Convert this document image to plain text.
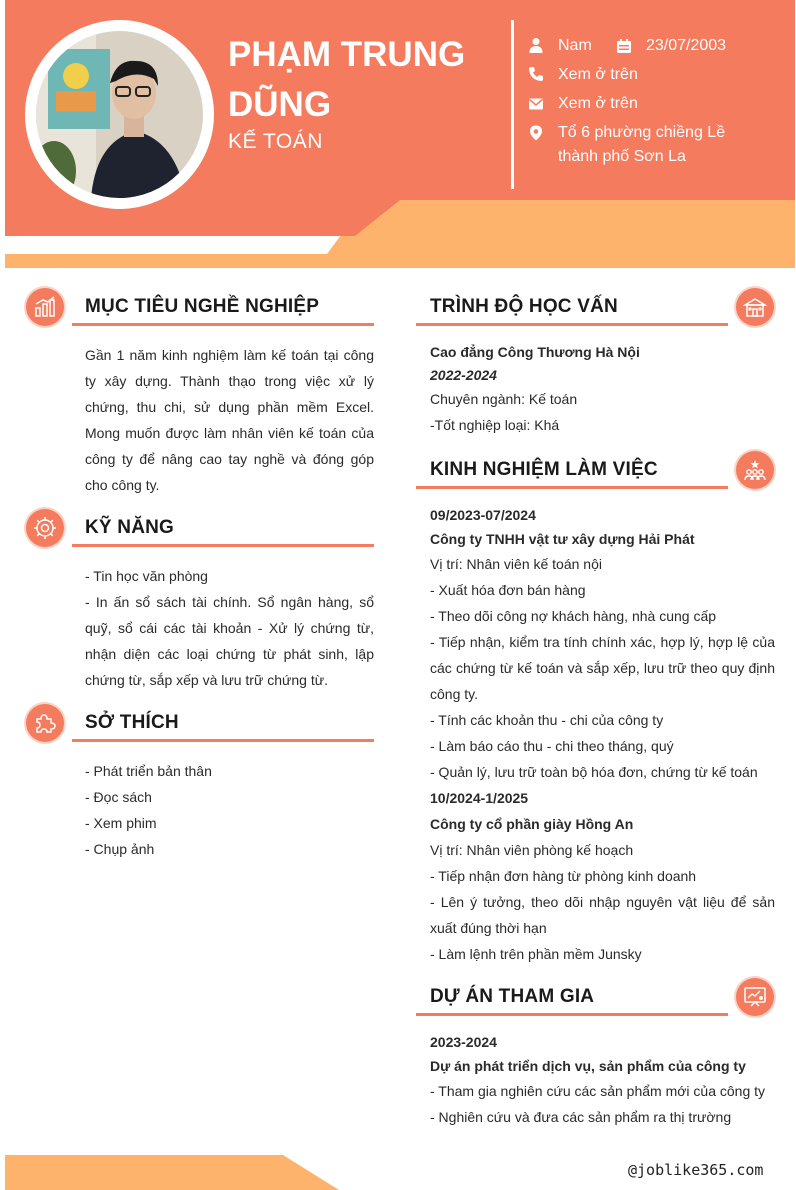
PHẠM TRUNG DŨNG
KẾ TOÁN
Nam	23/07/2003
Xem ở trên
Xem ở trên
Tổ 6 phường chiềng Lề thành phố Sơn La
MỤC TIÊU NGHỀ NGHIỆP
Gần 1 năm kinh nghiệm làm kế toán tại công ty xây dựng. Thành thạo trong việc xử lý chứng, thu chi, sử dụng phần mềm Excel. Mong muốn được làm nhân viên kế toán của công ty để nâng cao tay nghề và đóng góp cho công ty.
KỸ NĂNG
- Tin học văn phòng
- In ấn sổ sách tài chính. Sổ ngân hàng, sổ quỹ, sổ cái các tài khoản - Xử lý chứng từ, nhận diện các loại chứng từ phát sinh, lập chứng từ, sắp xếp và lưu trữ chứng từ.
SỞ THÍCH
- Phát triển bản thân
- Đọc sách
- Xem phim
- Chụp ảnh
TRÌNH ĐỘ HỌC VẤN
Cao đẳng Công Thương Hà Nội
2022-2024
Chuyên ngành: Kế toán
-Tốt nghiệp loại: Khá
KINH NGHIỆM LÀM VIỆC
09/2023-07/2024
Công ty TNHH vật tư xây dựng Hải Phát
Vị trí: Nhân viên kế toán nội
- Xuất hóa đơn bán hàng
- Theo dõi công nợ khách hàng, nhà cung cấp
- Tiếp nhận, kiểm tra tính chính xác, hợp lý, hợp lệ của các chứng từ kế toán và sắp xếp, lưu trữ theo quy định công ty.
- Tính các khoản thu - chi của công ty
- Làm báo cáo thu - chi theo tháng, quý
- Quản lý, lưu trữ toàn bộ hóa đơn, chứng từ kế toán
10/2024-1/2025
Công ty cổ phần giày Hồng An
Vị trí: Nhân viên phòng kế hoạch
- Tiếp nhận đơn hàng từ phòng kinh doanh
- Lên ý tưởng, theo dõi nhập nguyên vật liệu để sản xuất đúng thời hạn
- Làm lệnh trên phần mềm Junsky
DỰ ÁN THAM GIA
2023-2024
Dự án phát triển dịch vụ, sản phẩm của công ty
- Tham gia nghiên cứu các sản phẩm mới của công ty
- Nghiên cứu và đưa các sản phẩm ra thị trường
@joblike365.com
